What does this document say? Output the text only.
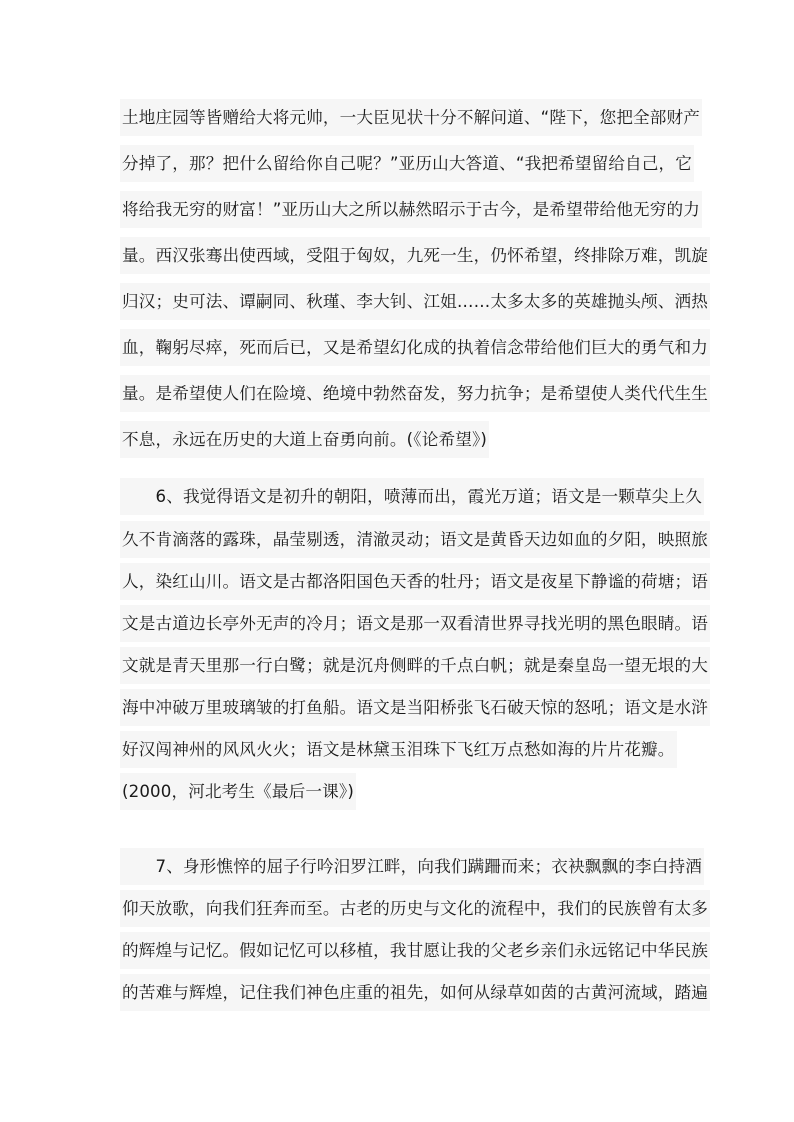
土地庄园等皆赠给大将元帅，一大臣见状十分不解问道、“陛下，您把全部财产
分掉了，那？把什么留给你自己呢？”亚历山大答道、“我把希望留给自己，它
将给我无穷的财富！”亚历山大之所以赫然昭示于古今，是希望带给他无穷的力
量。西汉张骞出使西域，受阻于匈奴，九死一生，仍怀希望，终排除万难，凯旋
归汉；史可法、谭嗣同、秋瑾、李大钊、江姐……太多太多的英雄抛头颅、洒热
血，鞠躬尽瘁，死而后已，又是希望幻化成的执着信念带给他们巨大的勇气和力
量。是希望使人们在险境、绝境中勃然奋发，努力抗争；是希望使人类代代生生
不息，永远在历史的大道上奋勇向前。(《论希望》)
　　6、我觉得语文是初升的朝阳，喷薄而出，霞光万道；语文是一颗草尖上久
久不肯滴落的露珠，晶莹剔透，清澈灵动；语文是黄昏天边如血的夕阳，映照旅
人，染红山川。语文是古都洛阳国色天香的牡丹；语文是夜星下静谧的荷塘；语
文是古道边长亭外无声的冷月；语文是那一双看清世界寻找光明的黑色眼睛。语
文就是青天里那一行白鹭；就是沉舟侧畔的千点白帆；就是秦皇岛一望无垠的大
海中冲破万里玻璃皱的打鱼船。语文是当阳桥张飞石破天惊的怒吼；语文是水浒
好汉闯神州的风风火火；语文是林黛玉泪珠下飞红万点愁如海的片片花瓣。
(2000，河北考生《最后一课》)
　　7、身形憔悴的屈子行吟汨罗江畔，向我们蹒跚而来；衣袂飘飘的李白持酒
仰天放歌，向我们狂奔而至。古老的历史与文化的流程中，我们的民族曾有太多
的辉煌与记忆。假如记忆可以移植，我甘愿让我的父老乡亲们永远铭记中华民族
的苦难与辉煌，记住我们神色庄重的祖先，如何从绿草如茵的古黄河流域，踏遍
